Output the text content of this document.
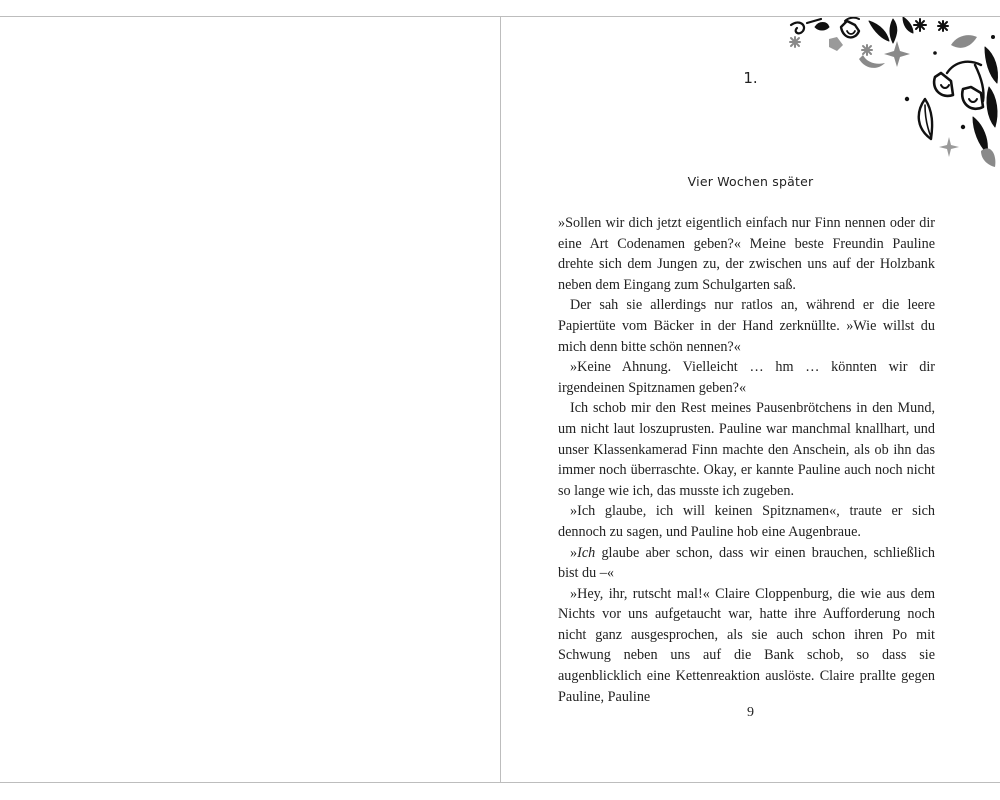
1.
Vier Wochen später

»Sollen wir dich jetzt eigentlich einfach nur Finn nennen oder dir eine Art Codenamen geben?« Meine beste Freundin Pauline drehte sich dem Jungen zu, der zwischen uns auf der Holzbank neben dem Eingang zum Schulgarten saß.

Der sah sie allerdings nur ratlos an, während er die leere Papiertüte vom Bäcker in der Hand zerknüllte. »Wie willst du mich denn bitte schön nennen?«

»Keine Ahnung. Vielleicht … hm … könnten wir dir irgendeinen Spitznamen geben?«

Ich schob mir den Rest meines Pausenbrötchens in den Mund, um nicht laut loszuprusten. Pauline war manchmal knallhart, und unser Klassenkamerad Finn machte den Anschein, als ob ihn das immer noch überraschte. Okay, er kannte Pauline auch noch nicht so lange wie ich, das musste ich zugeben.

»Ich glaube, ich will keinen Spitznamen«, traute er sich dennoch zu sagen, und Pauline hob eine Augenbraue.

»Ich glaube aber schon, dass wir einen brauchen, schließlich bist du –«

»Hey, ihr, rutscht mal!« Claire Cloppenburg, die wie aus dem Nichts vor uns aufgetaucht war, hatte ihre Aufforderung noch nicht ganz ausgesprochen, als sie auch schon ihren Po mit Schwung neben uns auf die Bank schob, so dass sie augenblicklich eine Kettenreaktion auslöste. Claire prallte gegen Pauline, Pauline

9
